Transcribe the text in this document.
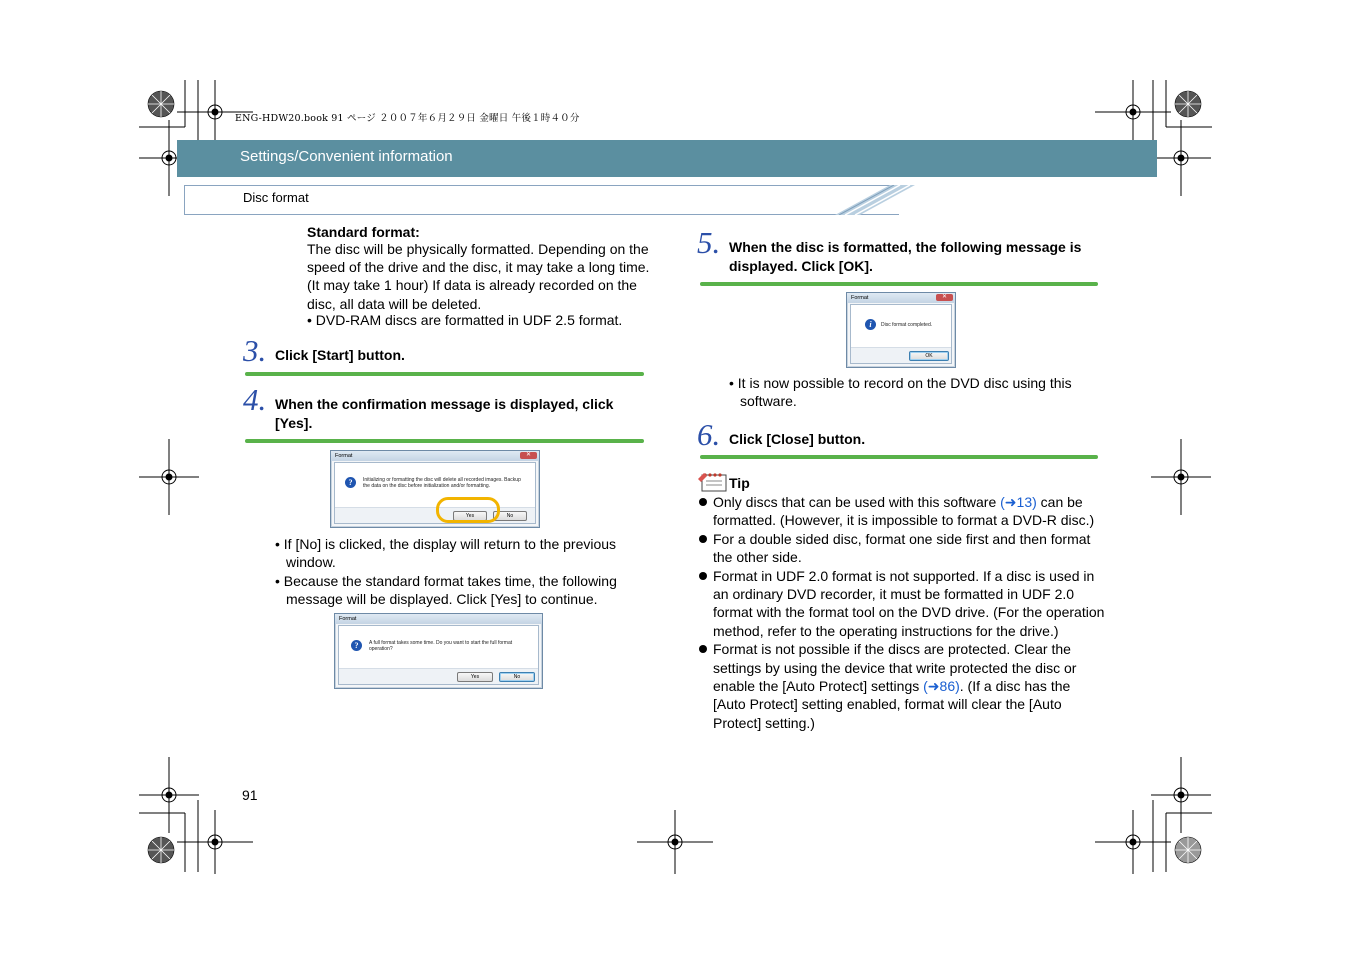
ENG-HDW20.book 91 ページ ２００７年６月２９日 金曜日 午後１時４０分
Settings/Convenient information
Disc format
Standard format:
The disc will be physically formatted. Depending on the speed of the drive and the disc, it may take a long time. (It may take 1 hour) If data is already recorded on the disc, all data will be deleted.
• DVD-RAM discs are formatted in UDF 2.5 format.
3. Click [Start] button.
4. When the confirmation message is displayed, click [Yes].
Format	✕
?	Initializing or formatting the disc will delete all recorded images. Backup the data on the disc before initialization and/or formatting.
Yes	No
• If [No] is clicked, the display will return to the previous window.
• Because the standard format takes time, the following message will be displayed. Click [Yes] to continue.
Format
?	A full format takes some time. Do you want to start the full format operation?
Yes	No
91
5. When the disc is formatted, the following message is displayed. Click [OK].
Format	✕
i	Disc format completed.
OK
• It is now possible to record on the DVD disc using this software.
6. Click [Close] button.
Tip
Only discs that can be used with this software (➜13) can be formatted. (However, it is impossible to format a DVD-R disc.)
For a double sided disc, format one side first and then format the other side.
Format in UDF 2.0 format is not supported. If a disc is used in an ordinary DVD recorder, it must be formatted in UDF 2.0 format with the format tool on the DVD drive. (For the operation method, refer to the operating instructions for the drive.)
Format is not possible if the discs are protected. Clear the settings by using the device that write protected the disc or enable the [Auto Protect] settings (➜86). (If a disc has the [Auto Protect] setting enabled, format will clear the [Auto Protect] setting.)
